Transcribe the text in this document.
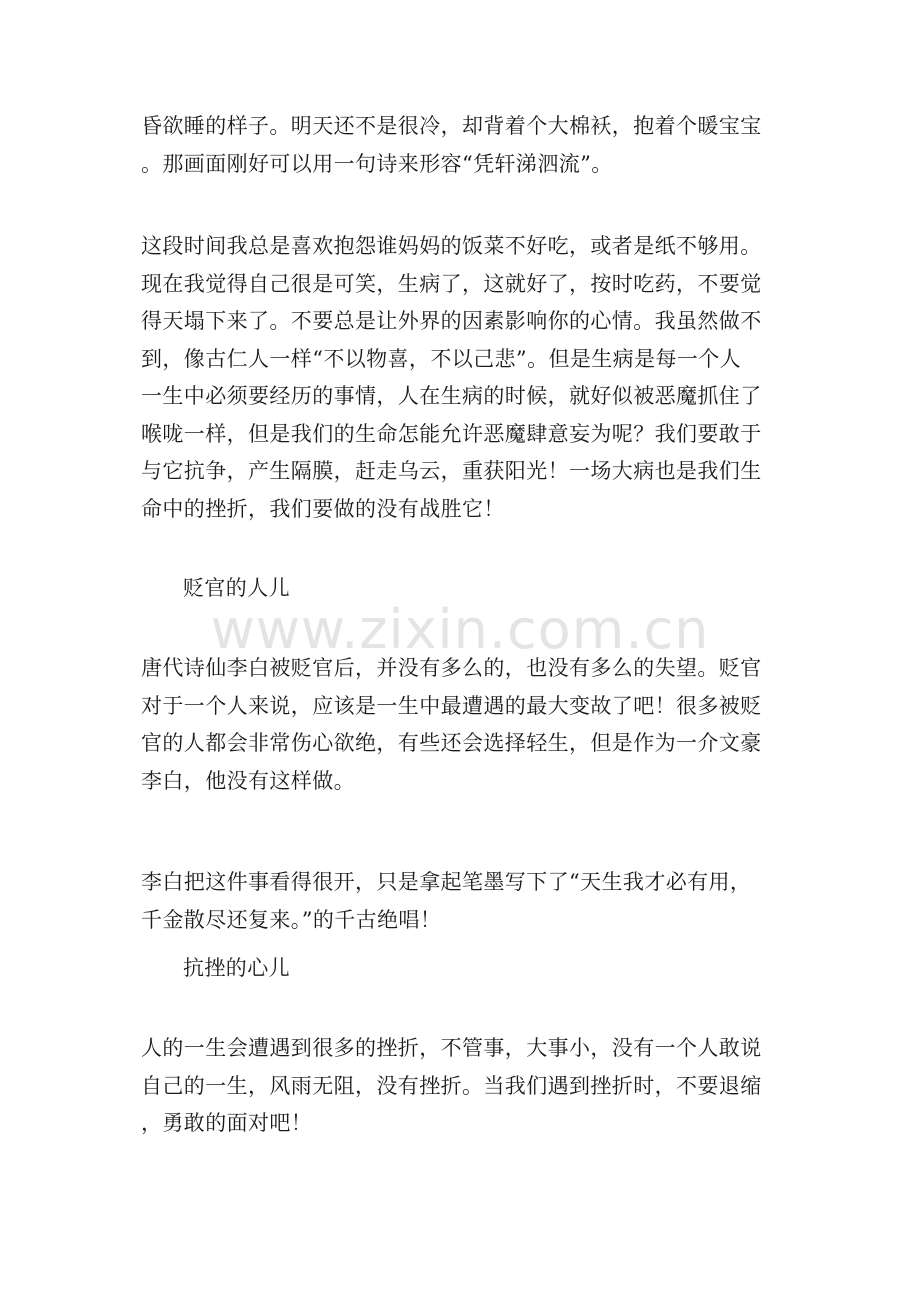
昏欲睡的样子。明天还不是很冷，却背着个大棉袄，抱着个暖宝宝
。那画面刚好可以用一句诗来形容“凭轩涕泗流”。

这段时间我总是喜欢抱怨谁妈妈的饭菜不好吃，或者是纸不够用。
现在我觉得自己很是可笑，生病了，这就好了，按时吃药，不要觉
得天塌下来了。不要总是让外界的因素影响你的心情。我虽然做不
到，像古仁人一样“不以物喜，不以己悲”。但是生病是每一个人
一生中必须要经历的事情，人在生病的时候，就好似被恶魔抓住了
喉咙一样，但是我们的生命怎能允许恶魔肆意妄为呢？我们要敢于
与它抗争，产生隔膜，赶走乌云，重获阳光！一场大病也是我们生
命中的挫折，我们要做的没有战胜它！

贬官的人儿

www.zixin.com.cn

唐代诗仙李白被贬官后，并没有多么的，也没有多么的失望。贬官
对于一个人来说，应该是一生中最遭遇的最大变故了吧！很多被贬
官的人都会非常伤心欲绝，有些还会选择轻生，但是作为一介文豪
李白，他没有这样做。

李白把这件事看得很开，只是拿起笔墨写下了“天生我才必有用，
千金散尽还复来。”的千古绝唱！

抗挫的心儿

人的一生会遭遇到很多的挫折，不管事，大事小，没有一个人敢说
自己的一生，风雨无阻，没有挫折。当我们遇到挫折时，不要退缩
，勇敢的面对吧！
